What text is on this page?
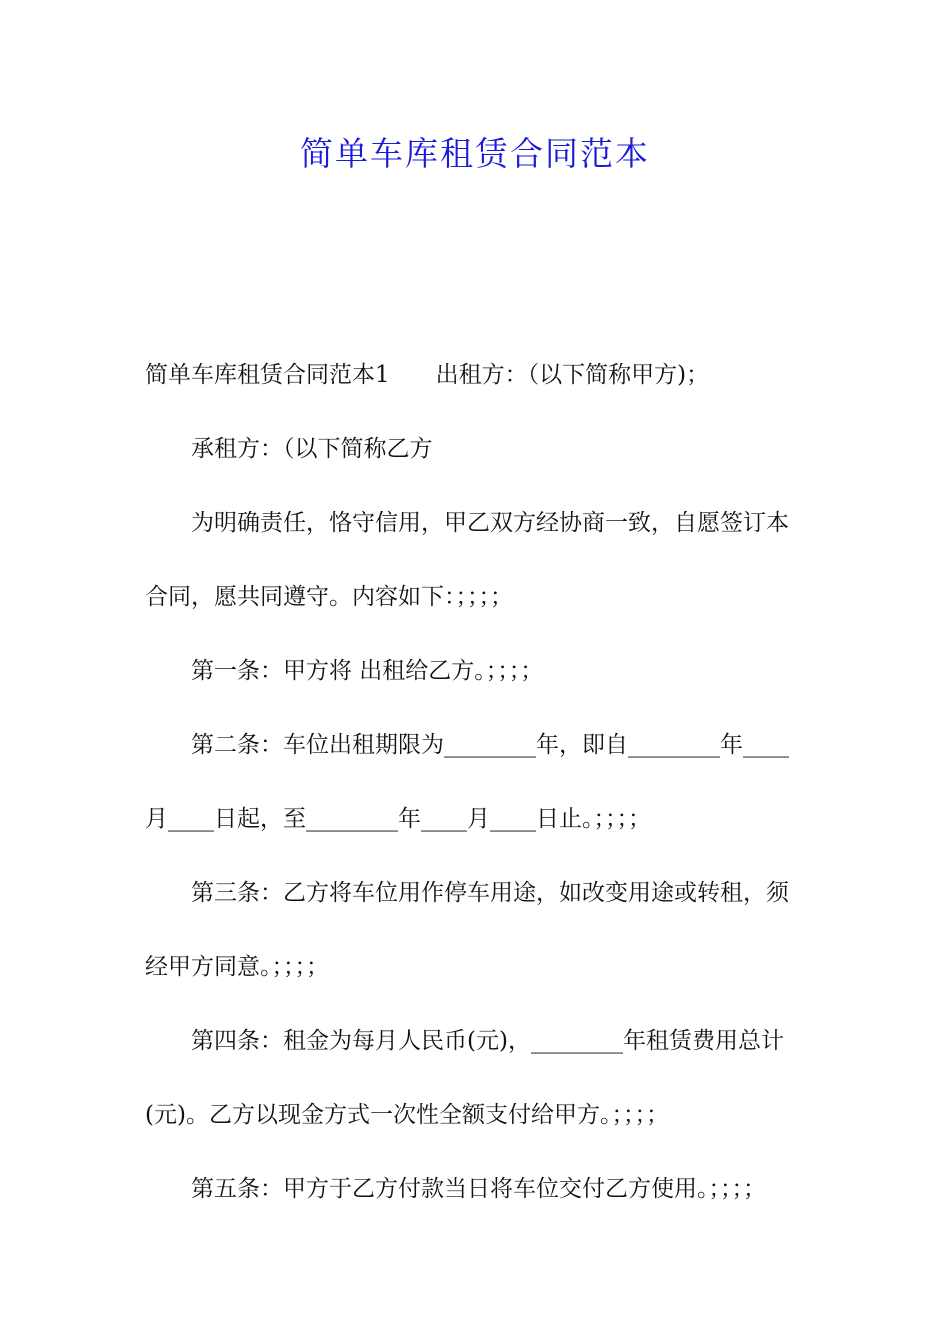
简单车库租赁合同范本

简单车库租赁合同范本1　　出租方：（以下简称甲方)；

承租方：（以下简称乙方

为明确责任，恪守信用，甲乙双方经协商一致，自愿签订本合同，愿共同遵守。内容如下：；；；；

第一条：甲方将 出租给乙方。；；；；

第二条：车位出租期限为________年，即自________年____月____日起，至________年____月____日止。；；；；

第三条：乙方将车位用作停车用途，如改变用途或转租，须经甲方同意。；；；；

第四条：租金为每月人民币(元)，________年租赁费用总计(元)。乙方以现金方式一次性全额支付给甲方。；；；；

第五条：甲方于乙方付款当日将车位交付乙方使用。；；；；
